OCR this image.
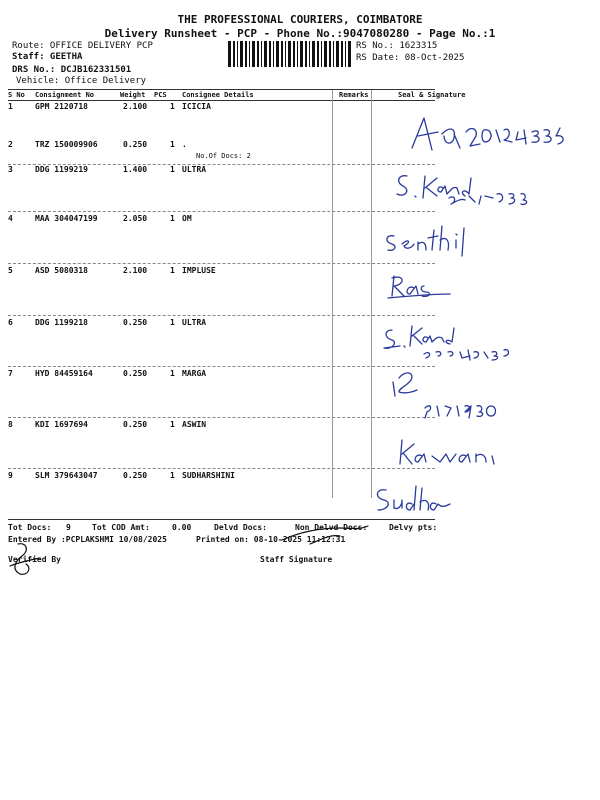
THE PROFESSIONAL COURIERS, COIMBATORE
Delivery Runsheet - PCP - Phone No.:9047080280 - Page No.:1
Route: OFFICE DELIVERY PCP
Staff: GEETHA
DRS No.: DCJB162331501
Vehicle: Office Delivery
RS No.: 1623315
RS Date: 08-Oct-2025
S No Consignment No	Weight PCS Consignee Details	Remarks	Seal & Signature
1	GPM 2120718	2.100	1 ICICIA
2	TRZ 150009906	0.250	1 .
No.Of Docs: 2
3	DDG 1199219	1.400	1 ULTRA
4	MAA 304047199	2.050	1 OM
5	ASD 5080318	2.100	1 IMPLUSE
6	DDG 1199218	0.250	1 ULTRA
7	HYD 84459164	0.250	1 MARGA
8	KDI 1697694	0.250	1 ASWIN
9	SLM 379643047	0.250	1 SUDHARSHINI
Tot Docs: 9	Tot COD Amt:	0.00	Delvd Docs:	Non Delvd Docs:	Delvy pts:
Entered By :PCPLAKSHMI 10/08/2025	Printed on: 08-10-2025 11:12:31
Verified By	Staff Signature
